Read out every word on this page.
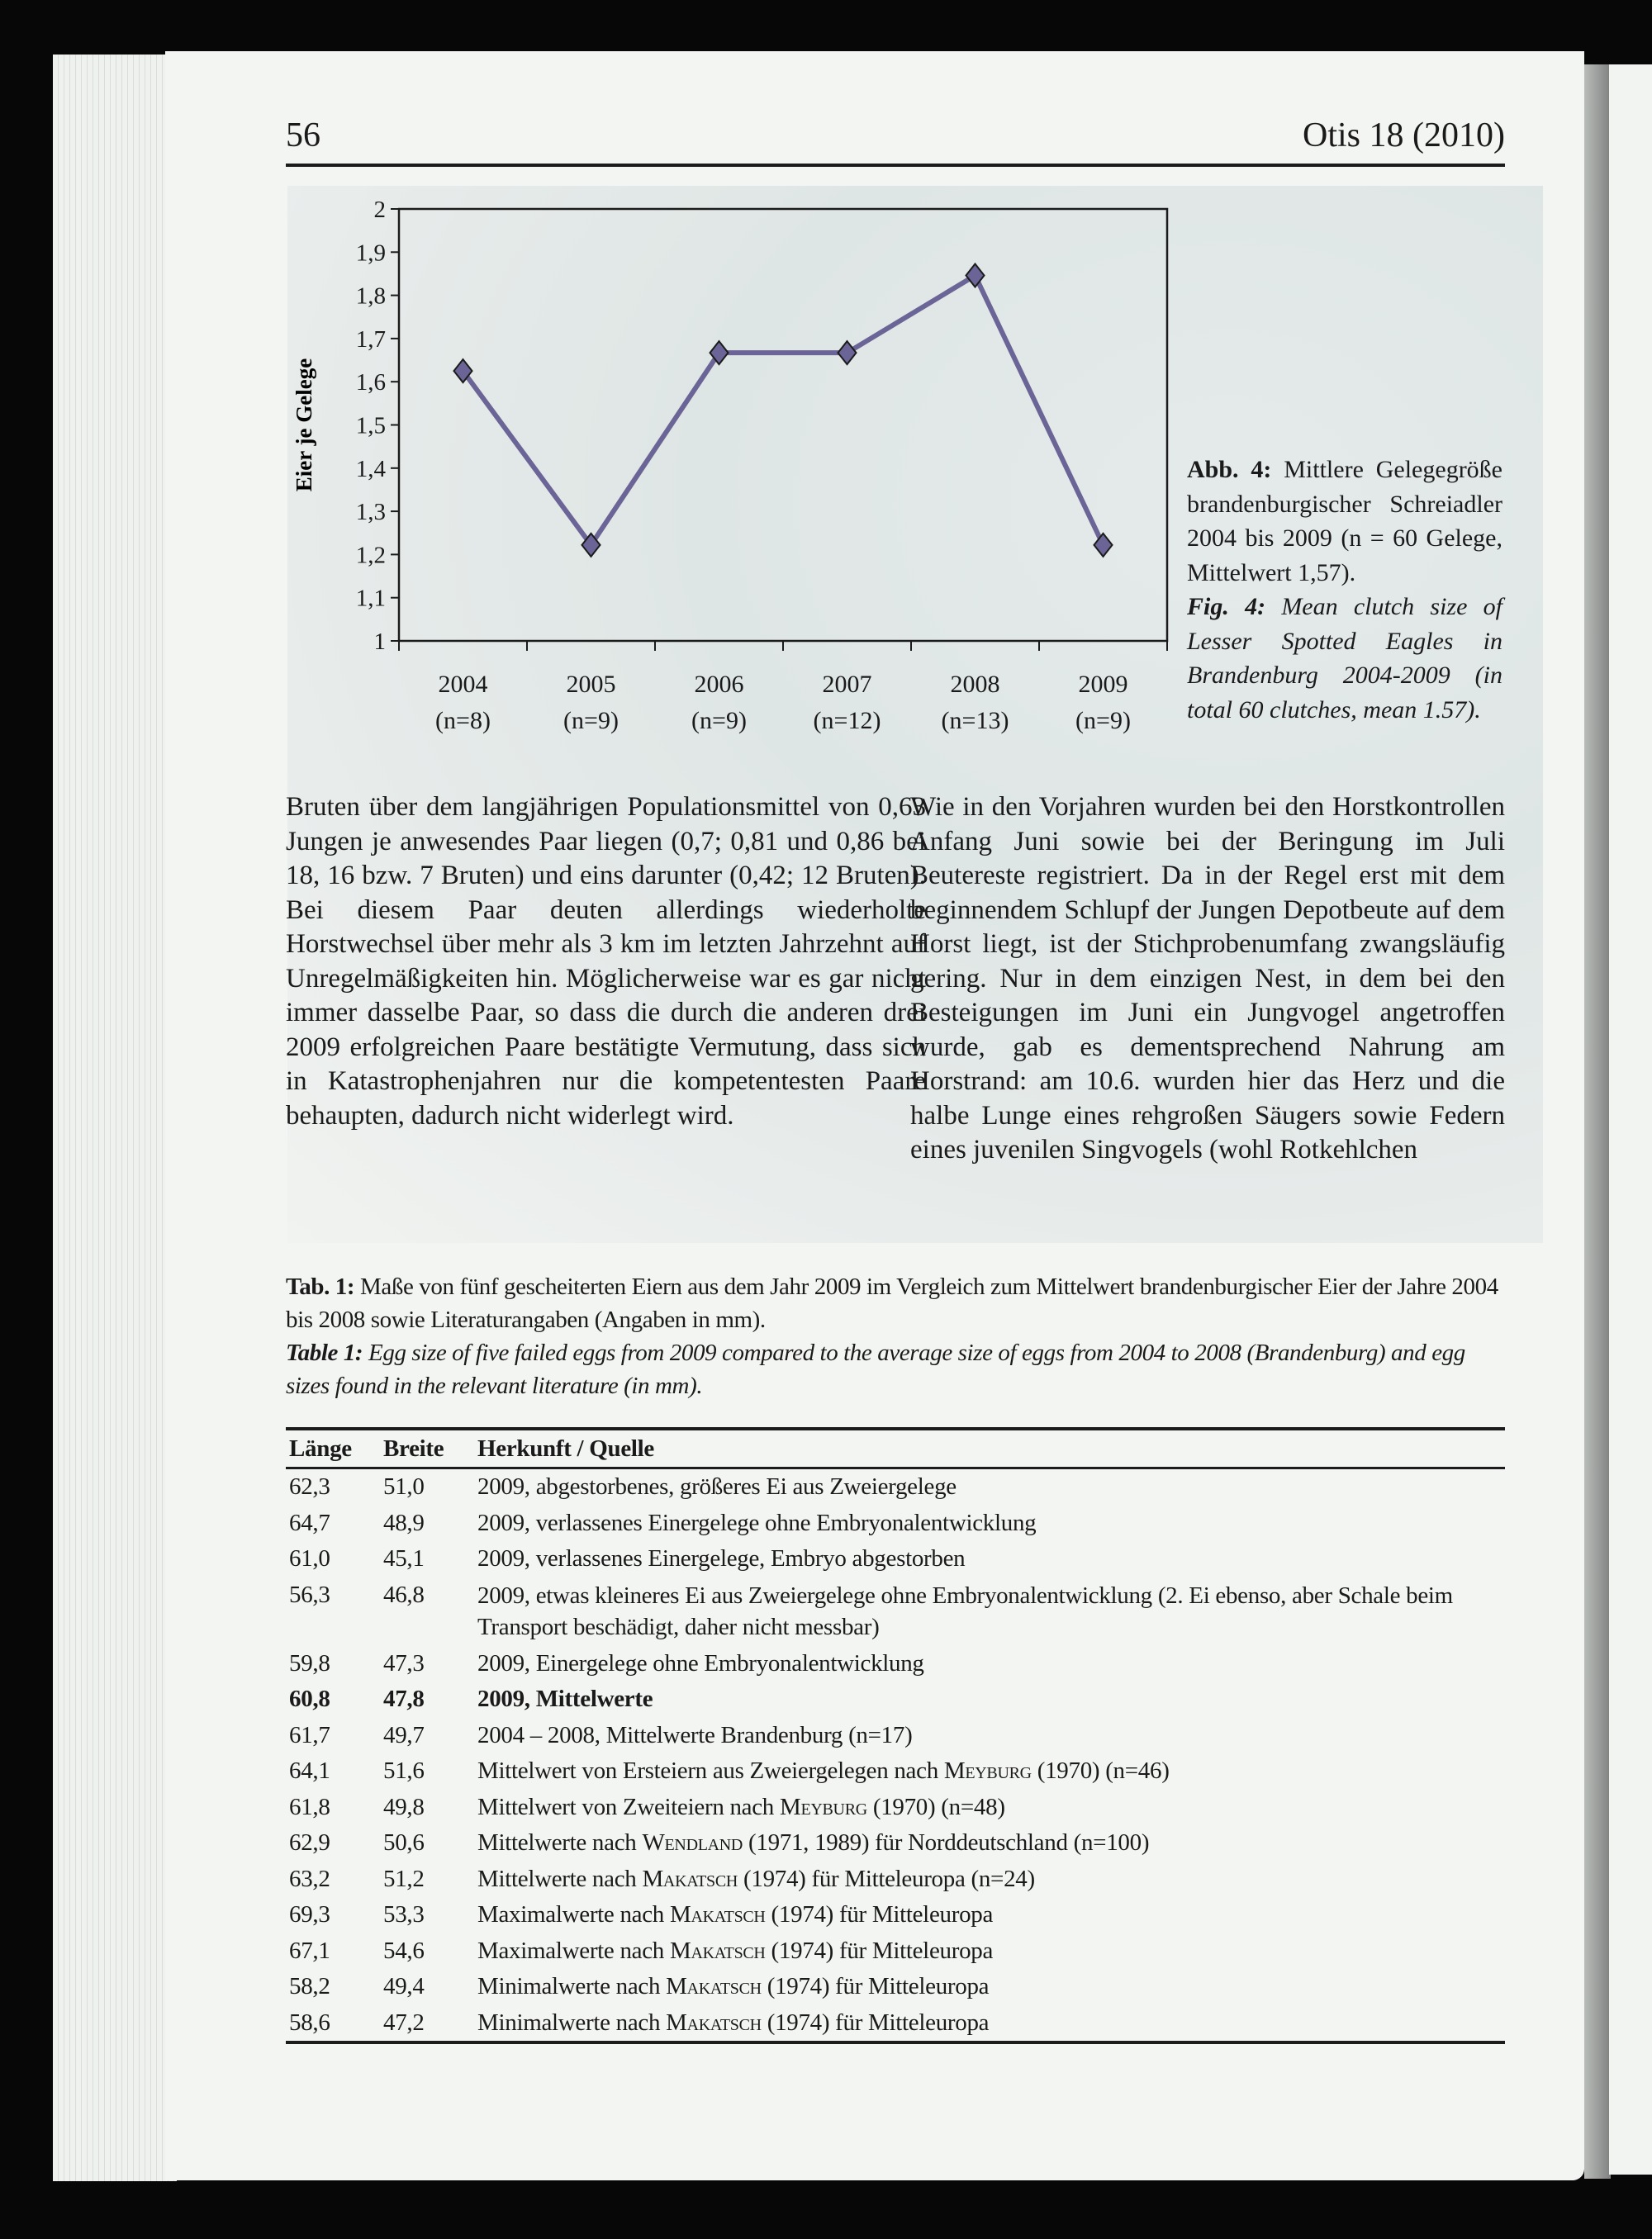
56	Otis 18 (2010)
1
1,1
1,2
1,3
1,4
1,5
1,6
1,7
1,8
1,9
2
2004
(n=8)
2005
(n=9)
2006
(n=9)
2007
(n=12)
2008
(n=13)
2009
(n=9)
Eier je Gelege	Abb. 4: Mittlere Gelegegröße brandenburgischer Schreiadler 2004 bis 2009 (n = 60 Gelege, Mittelwert 1,57).
Fig. 4: Mean clutch size of Lesser Spotted Eagles in Brandenburg 2004-2009 (in total 60 clutches, mean 1.57).
Bruten über dem langjährigen Populationsmittel von 0,63 Jungen je anwesendes Paar liegen (0,7; 0,81 und 0,86 bei 18, 16 bzw. 7 Bruten) und eins darunter (0,42; 12 Bruten). Bei diesem Paar deuten allerdings wiederholte Horstwechsel über mehr als 3 km im letzten Jahrzehnt auf Unregelmäßigkeiten hin. Möglicherweise war es gar nicht immer dasselbe Paar, so dass die durch die anderen drei 2009 erfolgreichen Paare bestätigte Vermutung, dass sich in Katastrophenjahren nur die kompetentesten Paare behaupten, dadurch nicht widerlegt wird.
Wie in den Vorjahren wurden bei den Horstkontrollen Anfang Juni sowie bei der Beringung im Juli Beutereste registriert. Da in der Regel erst mit dem beginnendem Schlupf der Jungen Depotbeute auf dem Horst liegt, ist der Stichprobenumfang zwangsläufig gering. Nur in dem einzigen Nest, in dem bei den Besteigungen im Juni ein Jungvogel angetroffen wurde, gab es dementsprechend Nahrung am Horstrand: am 10.6. wurden hier das Herz und die halbe Lunge eines rehgroßen Säugers sowie Federn eines juvenilen Singvogels (wohl Rotkehlchen
Tab. 1: Maße von fünf gescheiterten Eiern aus dem Jahr 2009 im Vergleich zum Mittelwert brandenburgischer Eier der Jahre 2004 bis 2008 sowie Literaturangaben (Angaben in mm).
Table 1: Egg size of five failed eggs from 2009 compared to the average size of eggs from 2004 to 2008 (Brandenburg) and egg sizes found in the relevant literature (in mm).
Länge	Breite	Herkunft / Quelle
62,3	51,0	2009, abgestorbenes, größeres Ei aus Zweiergelege
64,7	48,9	2009, verlassenes Einergelege ohne Embryonalentwicklung
61,0	45,1	2009, verlassenes Einergelege, Embryo abgestorben
56,3	46,8	2009, etwas kleineres Ei aus Zweiergelege ohne Embryonalentwicklung (2. Ei ebenso, aber Schale beim Transport beschädigt, daher nicht messbar)
59,8	47,3	2009, Einergelege ohne Embryonalentwicklung
60,8	47,8	2009, Mittelwerte
61,7	49,7	2004 – 2008, Mittelwerte Brandenburg (n=17)
64,1	51,6	Mittelwert von Ersteiern aus Zweiergelegen nach Meyburg (1970) (n=46)
61,8	49,8	Mittelwert von Zweiteiern nach Meyburg (1970) (n=48)
62,9	50,6	Mittelwerte nach Wendland (1971, 1989) für Norddeutschland (n=100)
63,2	51,2	Mittelwerte nach Makatsch (1974) für Mitteleuropa (n=24)
69,3	53,3	Maximalwerte nach Makatsch (1974) für Mitteleuropa
67,1	54,6	Maximalwerte nach Makatsch (1974) für Mitteleuropa
58,2	49,4	Minimalwerte nach Makatsch (1974) für Mitteleuropa
58,6	47,2	Minimalwerte nach Makatsch (1974) für Mitteleuropa
